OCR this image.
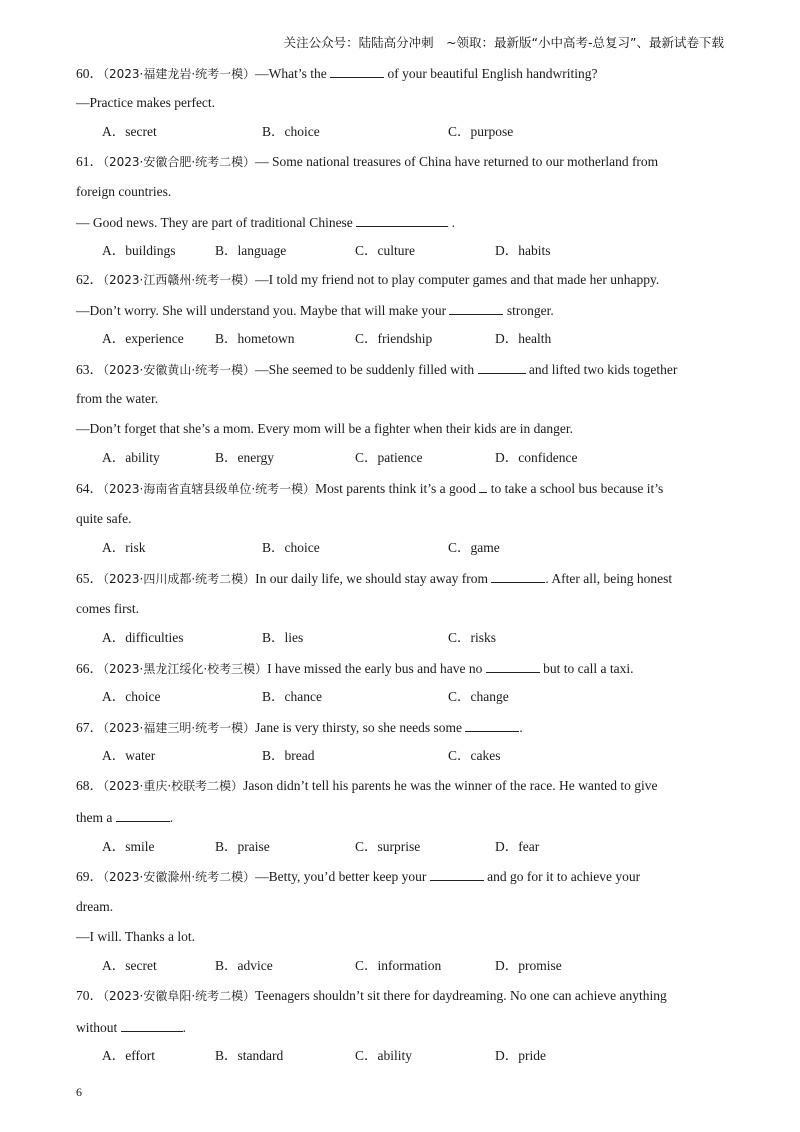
关注公众号：陆陆高分冲刺　~领取：最新版“小中高考-总复习”、最新试卷下载
60．（2023·福建龙岩·统考一模）—What’s the	of your beautiful English handwriting?
—Practice makes perfect.
A．secret	B．choice	C．purpose
61．（2023·安徽合肥·统考二模）— Some national treasures of China have returned to our motherland from
foreign countries.
— Good news. They are part of traditional Chinese	.
A．buildings	B．language	C．culture	D．habits
62．（2023·江西赣州·统考一模）—I told my friend not to play computer games and that made her unhappy.
—Don’t worry. She will understand you. Maybe that will make your	stronger.
A．experience B．hometown	C．friendship	D．health
63．（2023·安徽黄山·统考一模）—She seemed to be suddenly filled with	and lifted two kids together
from the water.
—Don’t forget that she’s a mom. Every mom will be a fighter when their kids are in danger.
A．ability	B．energy	C．patience	D．confidence
64．（2023·海南省直辖县级单位·统考一模）Most parents think it’s a good to take a school bus because it’s
quite safe.
A．risk	B．choice	C．game
65．（2023·四川成都·统考二模）In our daily life, we should stay away from	. After all, being honest
comes first.
A．difficulties	B．lies	C．risks
66．（2023·黑龙江绥化·校考三模）I have missed the early bus and have no	but to call a taxi.
A．choice	B．chance	C．change
67．（2023·福建三明·统考一模）Jane is very thirsty, so she needs some	.
A．water	B．bread	C．cakes
68．（2023·重庆·校联考二模）Jason didn’t tell his parents he was the winner of the race. He wanted to give
them a	.
A．smile	B．praise	C．surprise	D．fear
69．（2023·安徽滁州·统考二模）—Betty, you’d better keep your	and go for it to achieve your
dream.
—I will. Thanks a lot.
A．secret	B．advice	C．information	D．promise
70．（2023·安徽阜阳·统考二模）Teenagers shouldn’t sit there for daydreaming. No one can achieve anything
without	.
A．effort	B．standard	C．ability	D．pride
6
